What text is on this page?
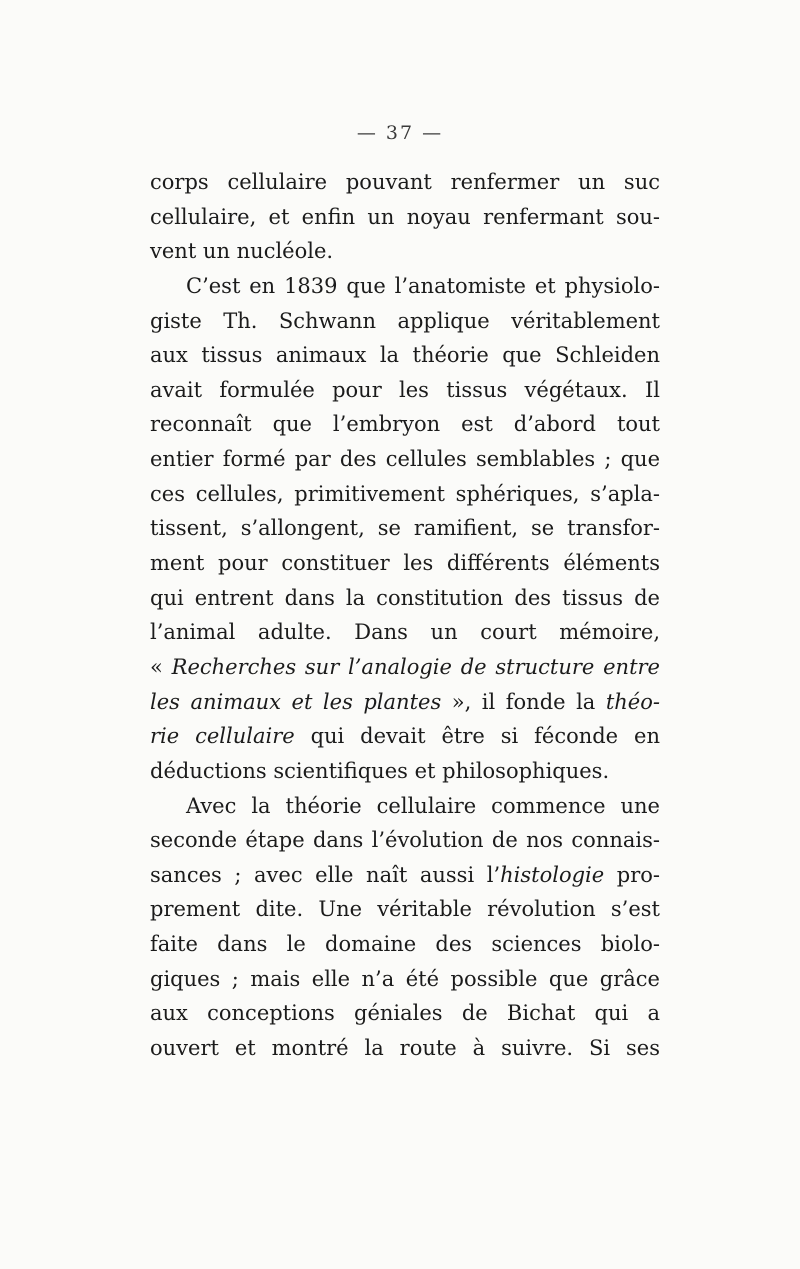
— 37 —
corps cellulaire pouvant renfermer un suc
cellulaire, et enfin un noyau renfermant sou-
vent un nucléole.
C’est en 1839 que l’anatomiste et physiolo-
giste Th. Schwann applique véritablement
aux tissus animaux la théorie que Schleiden
avait formulée pour les tissus végétaux. Il
reconnaît que l’embryon est d’abord tout
entier formé par des cellules semblables ; que
ces cellules, primitivement sphériques, s’apla-
tissent, s’allongent, se ramifient, se transfor-
ment pour constituer les différents éléments
qui entrent dans la constitution des tissus de
l’animal adulte. Dans un court mémoire,
« Recherches sur l’analogie de structure entre
les animaux et les plantes », il fonde la théo-
rie cellulaire qui devait être si féconde en
déductions scientifiques et philosophiques.
Avec la théorie cellulaire commence une
seconde étape dans l’évolution de nos connais-
sances ; avec elle naît aussi l’histologie pro-
prement dite. Une véritable révolution s’est
faite dans le domaine des sciences biolo-
giques ; mais elle n’a été possible que grâce
aux conceptions géniales de Bichat qui a
ouvert et montré la route à suivre. Si ses
